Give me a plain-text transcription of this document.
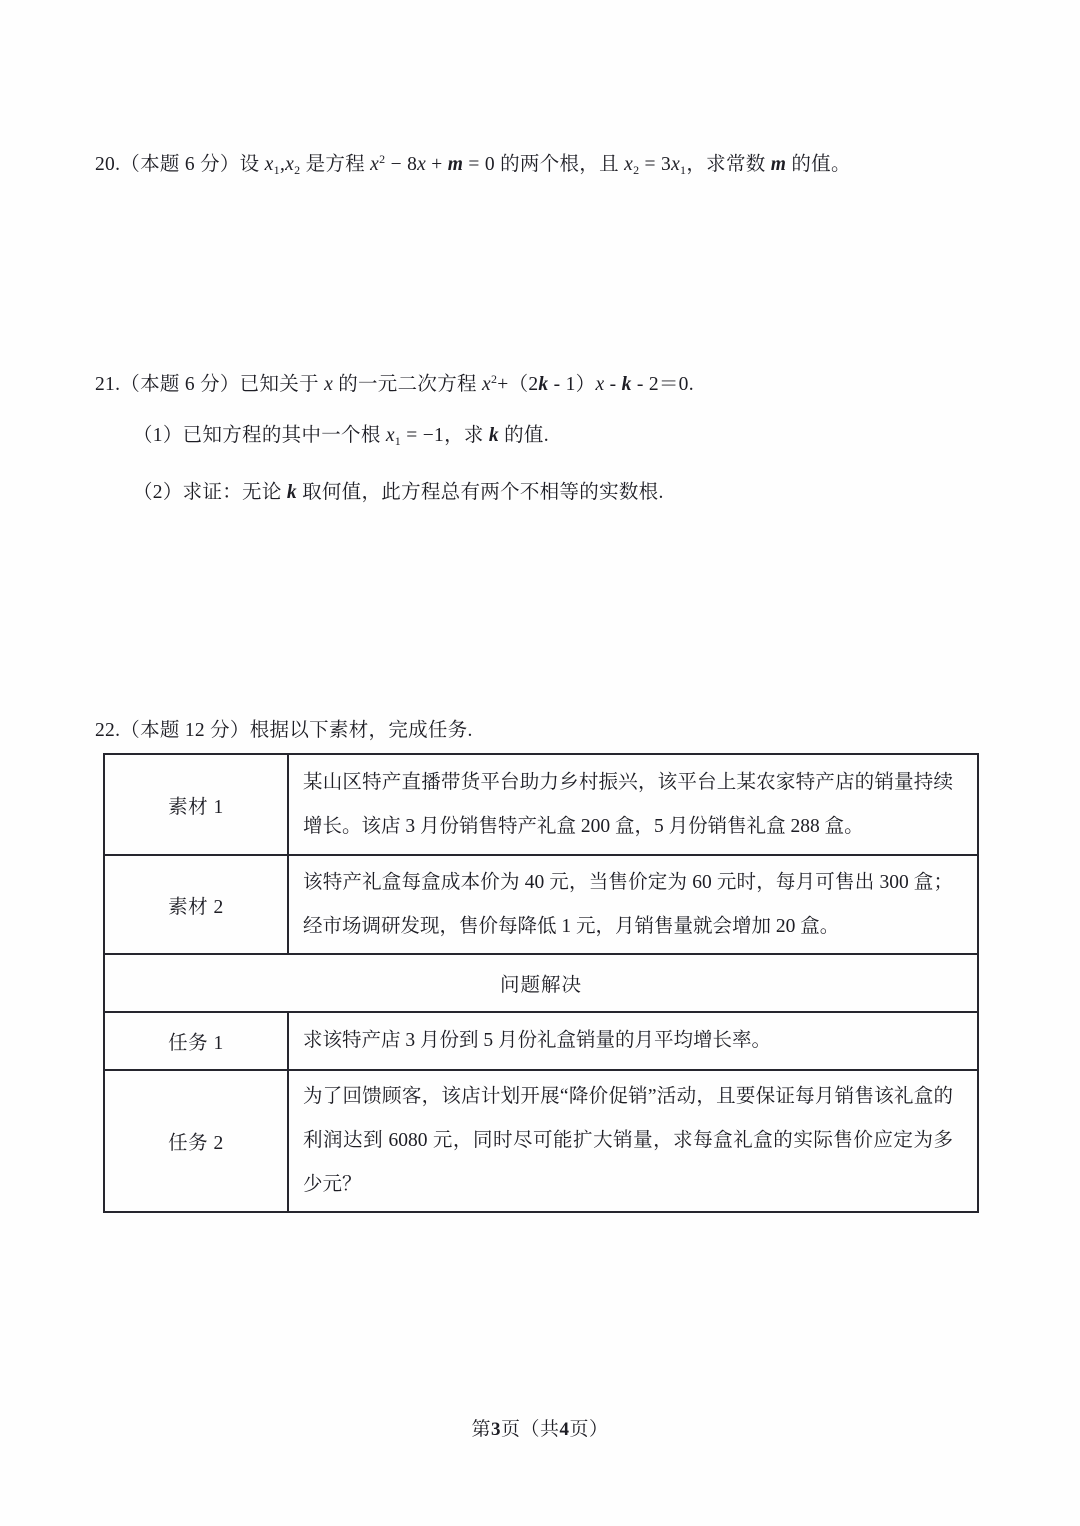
20.（本题 6 分）设 $x_1,x_2$ 是方程 $x^2 - 8x + m = 0$ 的两个根，且 $x_2 = 3x_1$，求常数 m 的值。

21.（本题 6 分）已知关于 x 的一元二次方程 $x^2+(2k - 1)x - k - 2=0$.

（1）已知方程的其中一个根 $x_1 = -1$，求 k 的值.

（2）求证：无论 k 取何值，此方程总有两个不相等的实数根.

22.（本题 12 分）根据以下素材，完成任务.

素材 1	某山区特产直播带货平台助力乡村振兴，该平台上某农家特产店的销量持续增长。该店 3 月份销售特产礼盒 200 盒，5 月份销售礼盒 288 盒。
素材 2	该特产礼盒每盒成本价为 40 元，当售价定为 60 元时，每月可售出 300 盒；经市场调研发现，售价每降低 1 元，月销售量就会增加 20 盒。
问题解决	
任务 1	求该特产店 3 月份到 5 月份礼盒销量的月平均增长率。
任务 2	为了回馈顾客，该店计划开展“降价促销”活动，且要保证每月销售该礼盒的利润达到 6080 元，同时尽可能扩大销量，求每盒礼盒的实际售价应定为多少元？
第3页（共4页）
